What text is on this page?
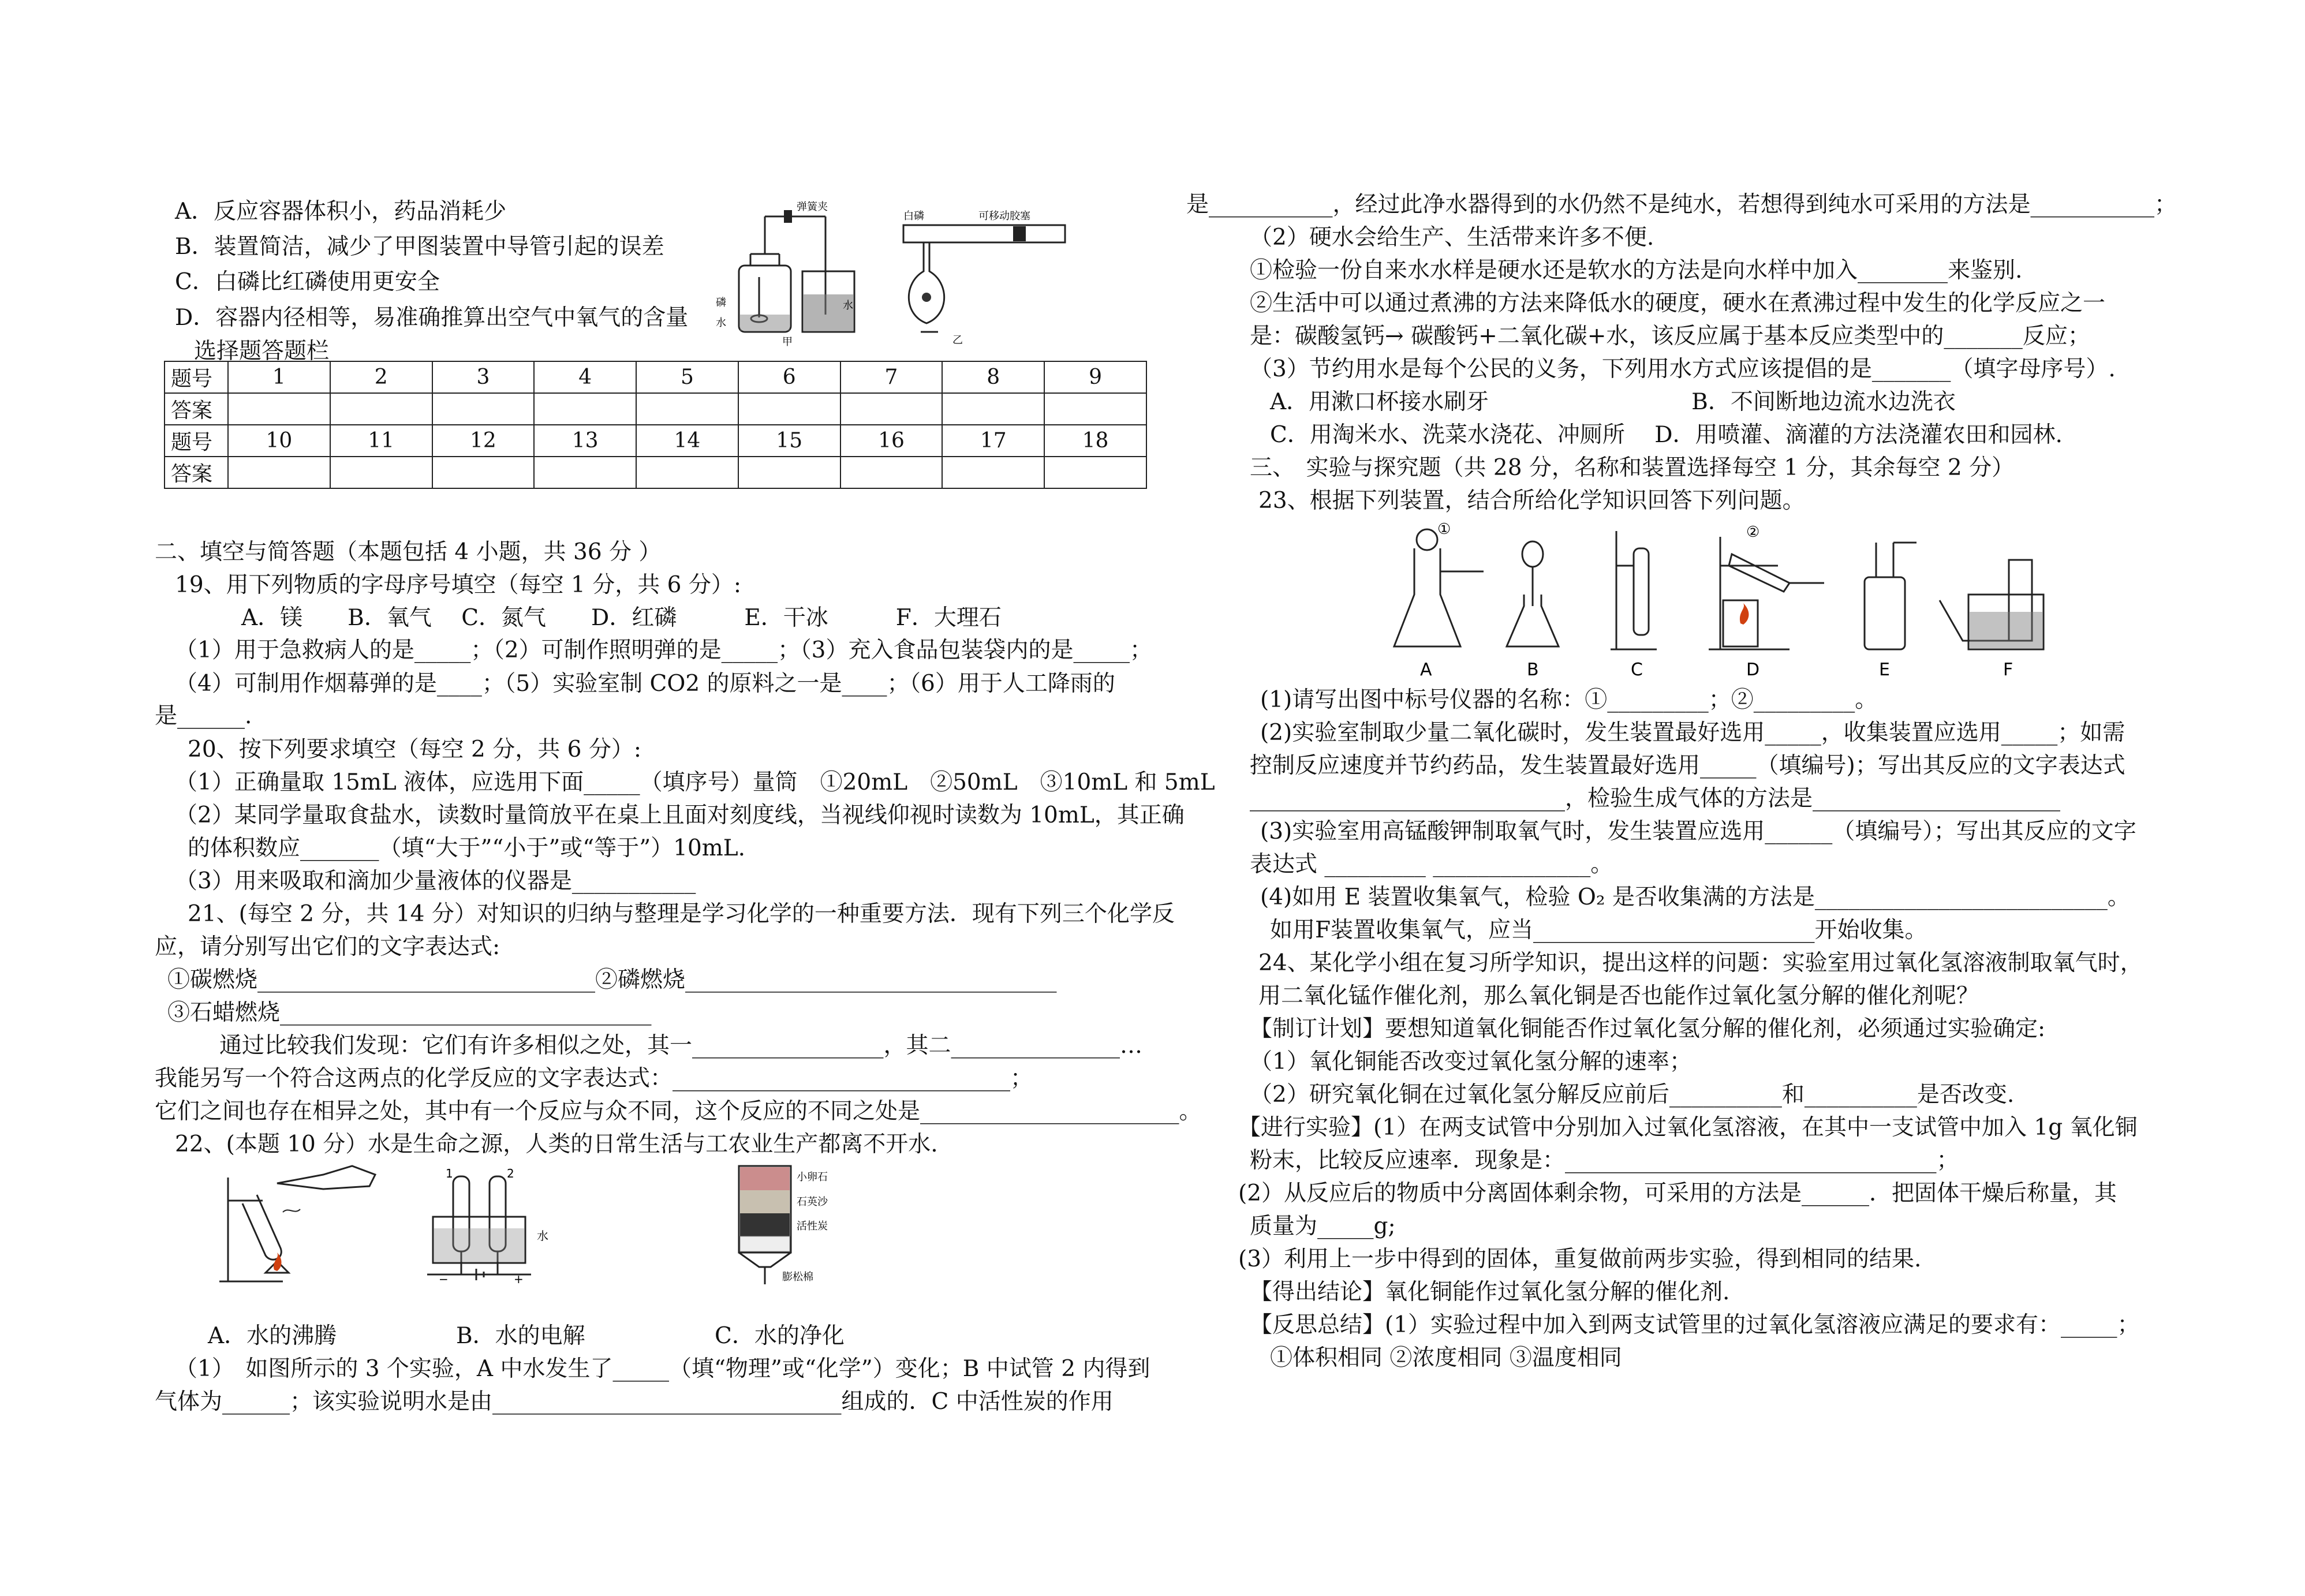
A．反应容器体积小，药品消耗少
B．装置简洁，减少了甲图装置中导管引起的误差
C．白磷比红磷使用更安全
D．容器内径相等，易准确推算出空气中氧气的含量
弹簧夹
磷
水
水
甲
白磷	可移动胶塞
乙
选择题答题栏
题号	1	2	3	4	5	6	7	8	9
答案									
题号	10	11	12	13	14	15	16	17	18
答案									
二、填空与简答题（本题包括 4 小题，共 36 分 ）
19、用下列物质的字母序号填空（每空 1 分，共 6 分）:
A．镁　　B．氧气　 C．氮气　　D．红磷　　　E．干冰　　　F．大理石
（1）用于急救病人的是_____；（2）可制作照明弹的是_____；（3）充入食品包装袋内的是_____；
（4）可制用作烟幕弹的是____；（5）实验室制 CO2 的原料之一是____；（6）用于人工降雨的
是______.
20、按下列要求填空（每空 2 分，共 6 分）:
（1）正确量取 15mL 液体，应选用下面_____（填序号）量筒　①20mL　②50mL　③10mL 和 5mL
（2）某同学量取食盐水，读数时量筒放平在桌上且面对刻度线，当视线仰视时读数为 10mL，其正确
的体积数应_______（填“大于”“小于”或“等于”）10mL.
（3）用来吸取和滴加少量液体的仪器是___________
21、(每空 2 分，共 14 分）对知识的归纳与整理是学习化学的一种重要方法．现有下列三个化学反
应，请分别写出它们的文字表达式:
①碳燃烧______________________________②磷燃烧_________________________________
③石蜡燃烧_________________________________
通过比较我们发现：它们有许多相似之处，其一_________________，其二_______________…
我能另写一个符合这两点的化学反应的文字表达式：______________________________；
它们之间也存在相异之处，其中有一个反应与众不同，这个反应的不同之处是_______________________。
22、(本题 10 分）水是生命之源，人类的日常生活与工农业生产都离不开水.
1	2
水
−	+
小卵石
石英沙
活性炭
膨松棉
A．水的沸腾	B．水的电解	C．水的净化
（1）　如图所示的 3 个实验，A 中水发生了_____（填“物理”或“化学”）变化；B 中试管 2 内得到
气体为______；该实验说明水是由_______________________________组成的．C 中活性炭的作用
是___________，经过此净水器得到的水仍然不是纯水，若想得到纯水可采用的方法是___________；
（2）硬水会给生产、生活带来许多不便.
①检验一份自来水水样是硬水还是软水的方法是向水样中加入________来鉴别.
②生活中可以通过煮沸的方法来降低水的硬度，硬水在煮沸过程中发生的化学反应之一
是：碳酸氢钙→ 碳酸钙+二氧化碳+水，该反应属于基本反应类型中的_______反应；
（3）节约用水是每个公民的义务，下列用水方式应该提倡的是_______（填字母序号）.
A．用漱口杯接水刷牙　　　　　　　　　B．不间断地边流水边洗衣
C．用淘米水、洗菜水浇花、冲厕所　 D．用喷灌、滴灌的方法浇灌农田和园林.
三、　实验与探究题（共 28 分，名称和装置选择每空 1 分，其余每空 2 分）
23、根据下列装置，结合所给化学知识回答下列问题。
①	②
A	B	C	D	E	F
(1)请写出图中标号仪器的名称：①_________；②_________。
(2)实验室制取少量二氧化碳时，发生装置最好选用_____，收集装置应选用_____；如需
控制反应速度并节约药品，发生装置最好选用_____（填编号)；写出其反应的文字表达式
____________________________，检验生成气体的方法是______________________
(3)实验室用高锰酸钾制取氧气时，发生装置应选用______（填编号）；写出其反应的文字
表达式 _________ ______________。
(4)如用 E 装置收集氧气，检验 O₂ 是否收集满的方法是__________________________。
如用F装置收集氧气，应当_________________________开始收集。
24、某化学小组在复习所学知识，提出这样的问题：实验室用过氧化氢溶液制取氧气时，
用二氧化锰作催化剂，那么氧化铜是否也能作过氧化氢分解的催化剂呢？
【制订计划】要想知道氧化铜能否作过氧化氢分解的催化剂，必须通过实验确定:
（1）氧化铜能否改变过氧化氢分解的速率；
（2）研究氧化铜在过氧化氢分解反应前后__________和__________是否改变.
【进行实验】(1）在两支试管中分别加入过氧化氢溶液，在其中一支试管中加入 1g 氧化铜
粉末，比较反应速率．现象是：_________________________________；
(2）从反应后的物质中分离固体剩余物，可采用的方法是______．把固体干燥后称量，其
质量为_____g;
(3）利用上一步中得到的固体，重复做前两步实验，得到相同的结果.
【得出结论】氧化铜能作过氧化氢分解的催化剂.
【反思总结】(1）实验过程中加入到两支试管里的过氧化氢溶液应满足的要求有：_____；
①体积相同 ②浓度相同 ③温度相同
